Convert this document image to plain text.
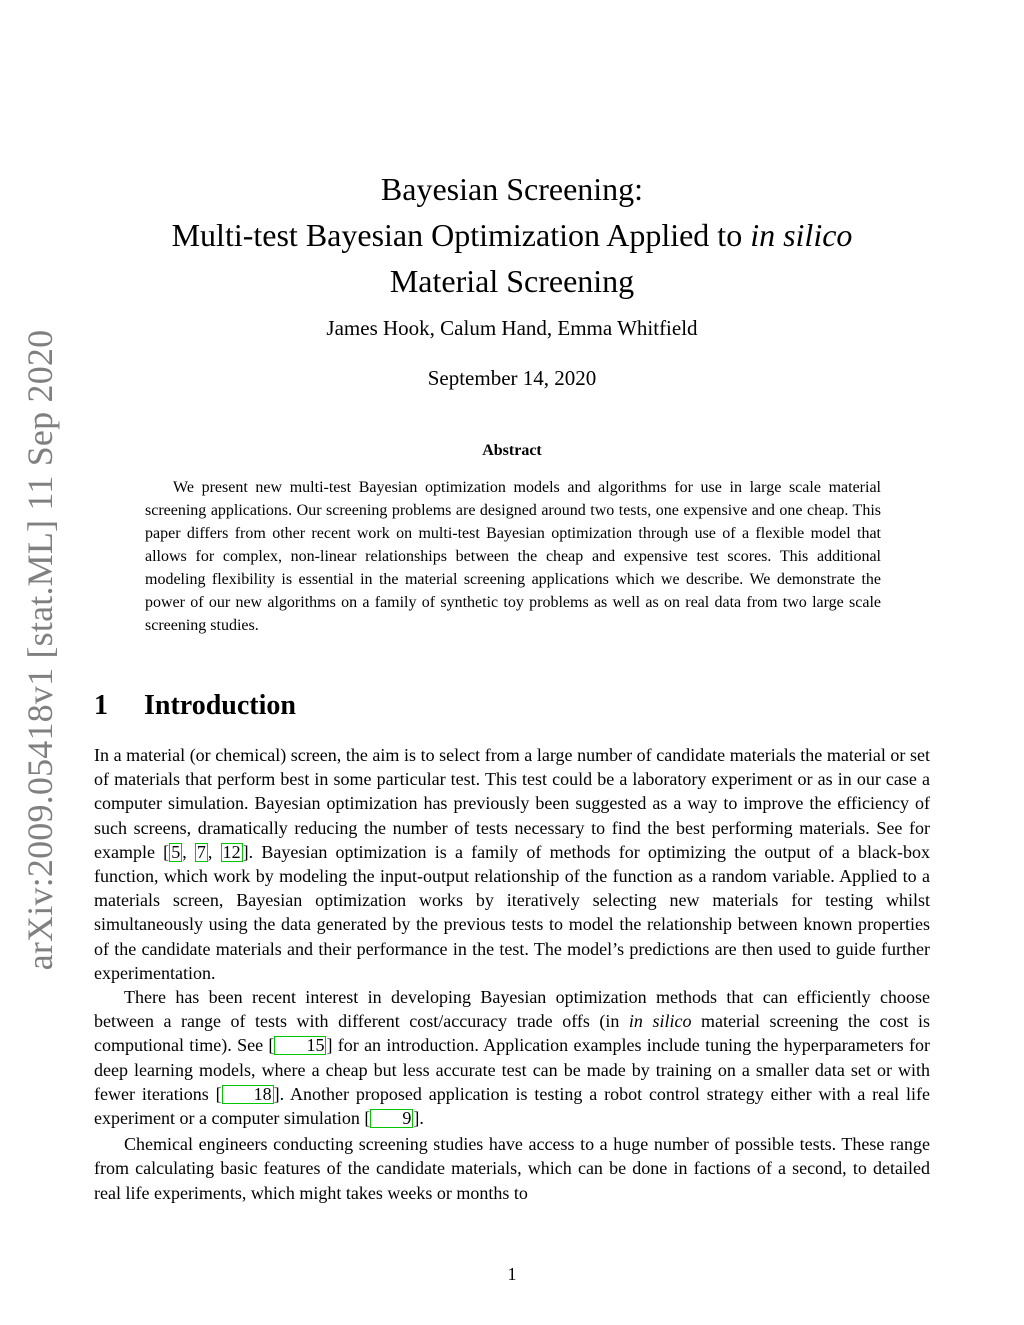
arXiv:2009.05418v1 [stat.ML] 11 Sep 2020
Bayesian Screening:
Multi-test Bayesian Optimization Applied to in silico
Material Screening
James Hook, Calum Hand, Emma Whitfield
September 14, 2020
Abstract
We present new multi-test Bayesian optimization models and algorithms for use in large scale material screening applications. Our screening problems are designed around two tests, one expensive and one cheap. This paper differs from other recent work on multi-test Bayesian optimization through use of a flexible model that allows for complex, non-linear relationships between the cheap and expensive test scores. This additional modeling flexibility is essential in the material screening applications which we describe. We demonstrate the power of our new algorithms on a family of synthetic toy problems as well as on real data from two large scale screening studies.
1 Introduction

In a material (or chemical) screen, the aim is to select from a large number of candidate materials the material or set of materials that perform best in some particular test. This test could be a laboratory experiment or as in our case a computer simulation. Bayesian optimization has previously been suggested as a way to improve the efficiency of such screens, dramatically reducing the number of tests necessary to find the best performing materials. See for example [ 5 , 7 , 12 ]. Bayesian optimization is a family of methods for optimizing the output of a black-box function, which work by modeling the input-output relationship of the function as a random variable. Applied to a materials screen, Bayesian optimization works by iteratively selecting new materials for testing whilst simultaneously using the data generated by the previous tests to model the relationship between known properties of the candidate materials and their performance in the test. The model’s predictions are then used to guide further experimentation.

There has been recent interest in developing Bayesian optimization methods that can efficiently choose between a range of tests with different cost/accuracy trade offs (in in silico material screening the cost is computional time). See [ 15 ] for an introduction. Application examples include tuning the hyperparameters for deep learning models, where a cheap but less accurate test can be made by training on a smaller data set or with fewer iterations [ 18 ]. Another proposed application is testing a robot control strategy either with a real life experiment or a computer simulation [ 9 ].

Chemical engineers conducting screening studies have access to a huge number of possible tests. These range from calculating basic features of the candidate materials, which can be done in factions of a second, to detailed real life experiments, which might takes weeks or months to

1
